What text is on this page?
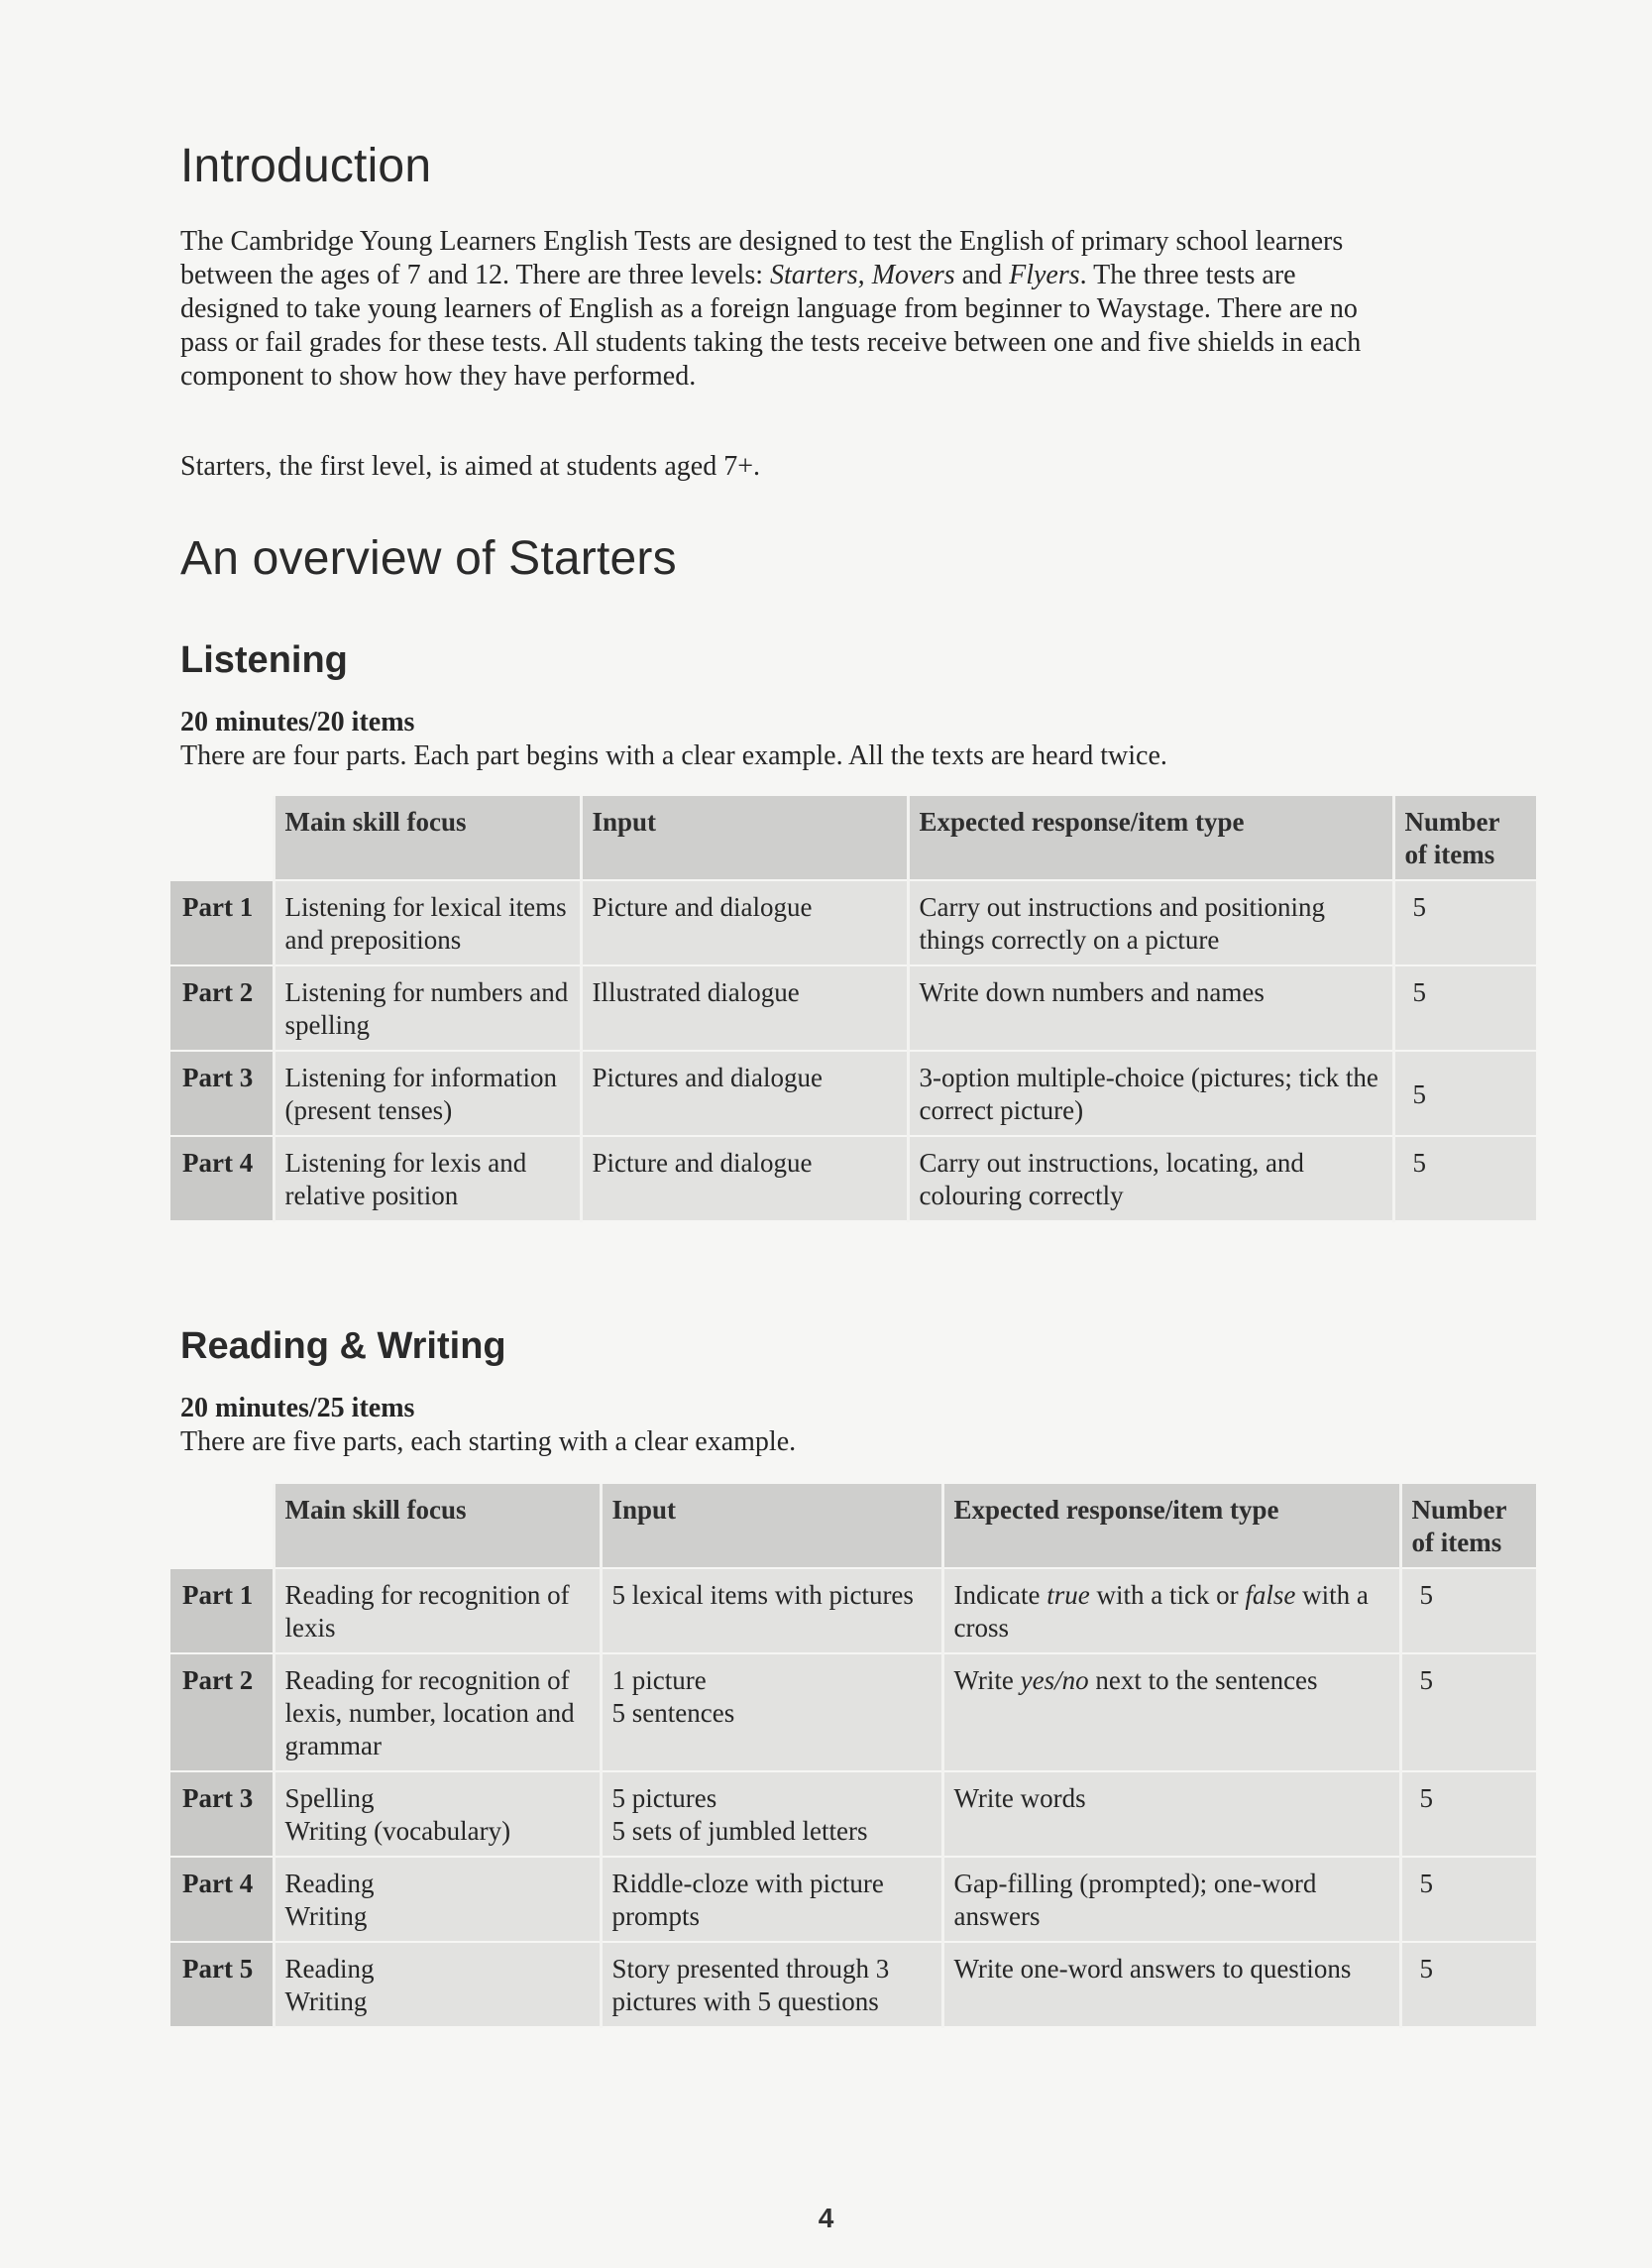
Introduction

The Cambridge Young Learners English Tests are designed to test the English of primary school learners between the ages of 7 and 12. There are three levels: Starters, Movers and Flyers. The three tests are designed to take young learners of English as a foreign language from beginner to Waystage. There are no pass or fail grades for these tests. All students taking the tests receive between one and five shields in each component to show how they have performed.

Starters, the first level, is aimed at students aged 7+.

An overview of Starters
Listening

20 minutes/20 items

There are four parts. Each part begins with a clear example. All the texts are heard twice.

Reading & Writing

20 minutes/25 items

There are five parts, each starting with a clear example.

	Main skill focus	Input	Expected response/item type	Number
of items
Part 1	Listening for lexical items and prepositions	Picture and dialogue	Carry out instructions and positioning things correctly on a picture	5
Part 2	Listening for numbers and spelling	Illustrated dialogue	Write down numbers and names	5
Part 3	Listening for information (present tenses)	Pictures and dialogue	3-option multiple-choice (pictures; tick the correct picture)	5
Part 4	Listening for lexis and relative position	Picture and dialogue	Carry out instructions, locating, and colouring correctly	5
	Main skill focus	Input	Expected response/item type	Number
of items
Part 1	Reading for recognition of lexis	5 lexical items with pictures	Indicate true with a tick or false with a cross	5
Part 2	Reading for recognition of lexis, number, location and grammar	1 picture
5 sentences	Write yes/no next to the sentences	5
Part 3	Spelling
Writing (vocabulary)	5 pictures
5 sets of jumbled letters	Write words	5
Part 4	Reading
Writing	Riddle-cloze with picture prompts	Gap-filling (prompted); one-word answers	5
Part 5	Reading
Writing	Story presented through 3 pictures with 5 questions	Write one-word answers to questions	5
4
